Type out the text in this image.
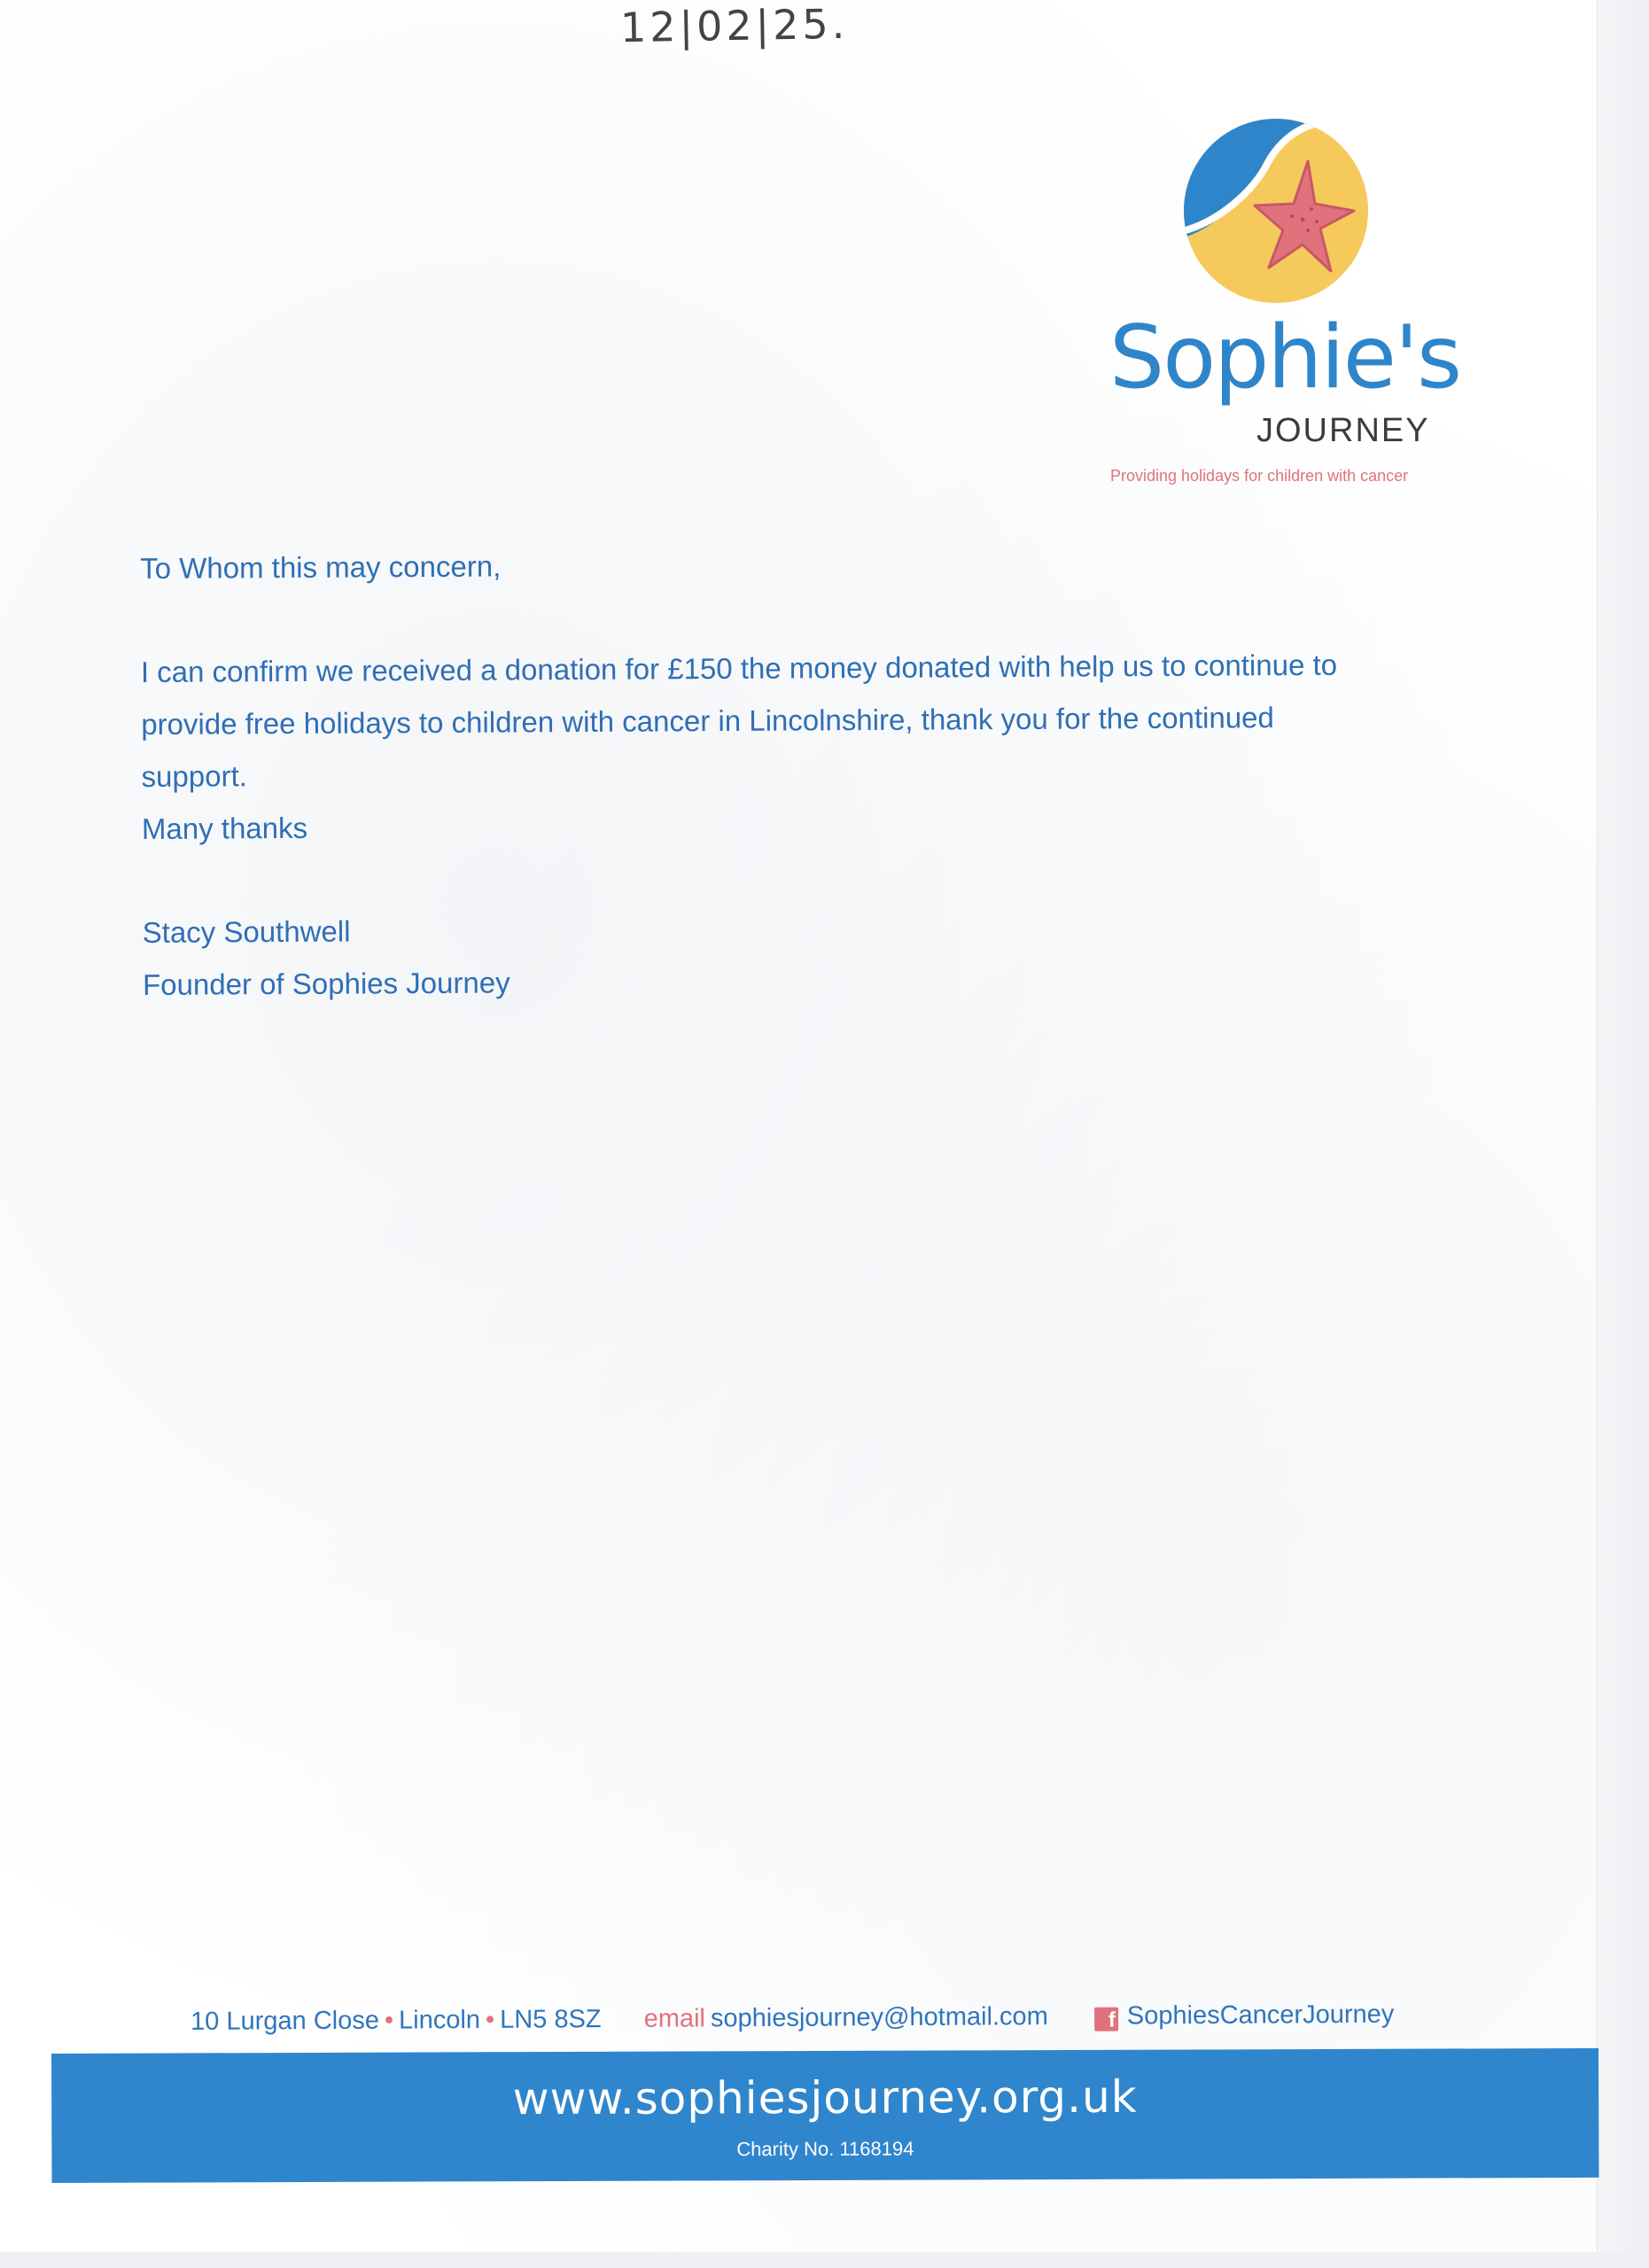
12|02|25.
Sophie's
JOURNEY
Providing holidays for children with cancer

To Whom this may concern,

I can confirm we received a donation for £150 the money donated with help us to continue to

provide free holidays to children with cancer in Lincolnshire, thank you for the continued

support.

Many thanks

Stacy Southwell

Founder of Sophies Journey

10 Lurgan Close • Lincoln • LN5 8SZ email sophiesjourney@hotmail.com	f SophiesCancerJourney
www.sophiesjourney.org.uk
Charity No. 1168194
